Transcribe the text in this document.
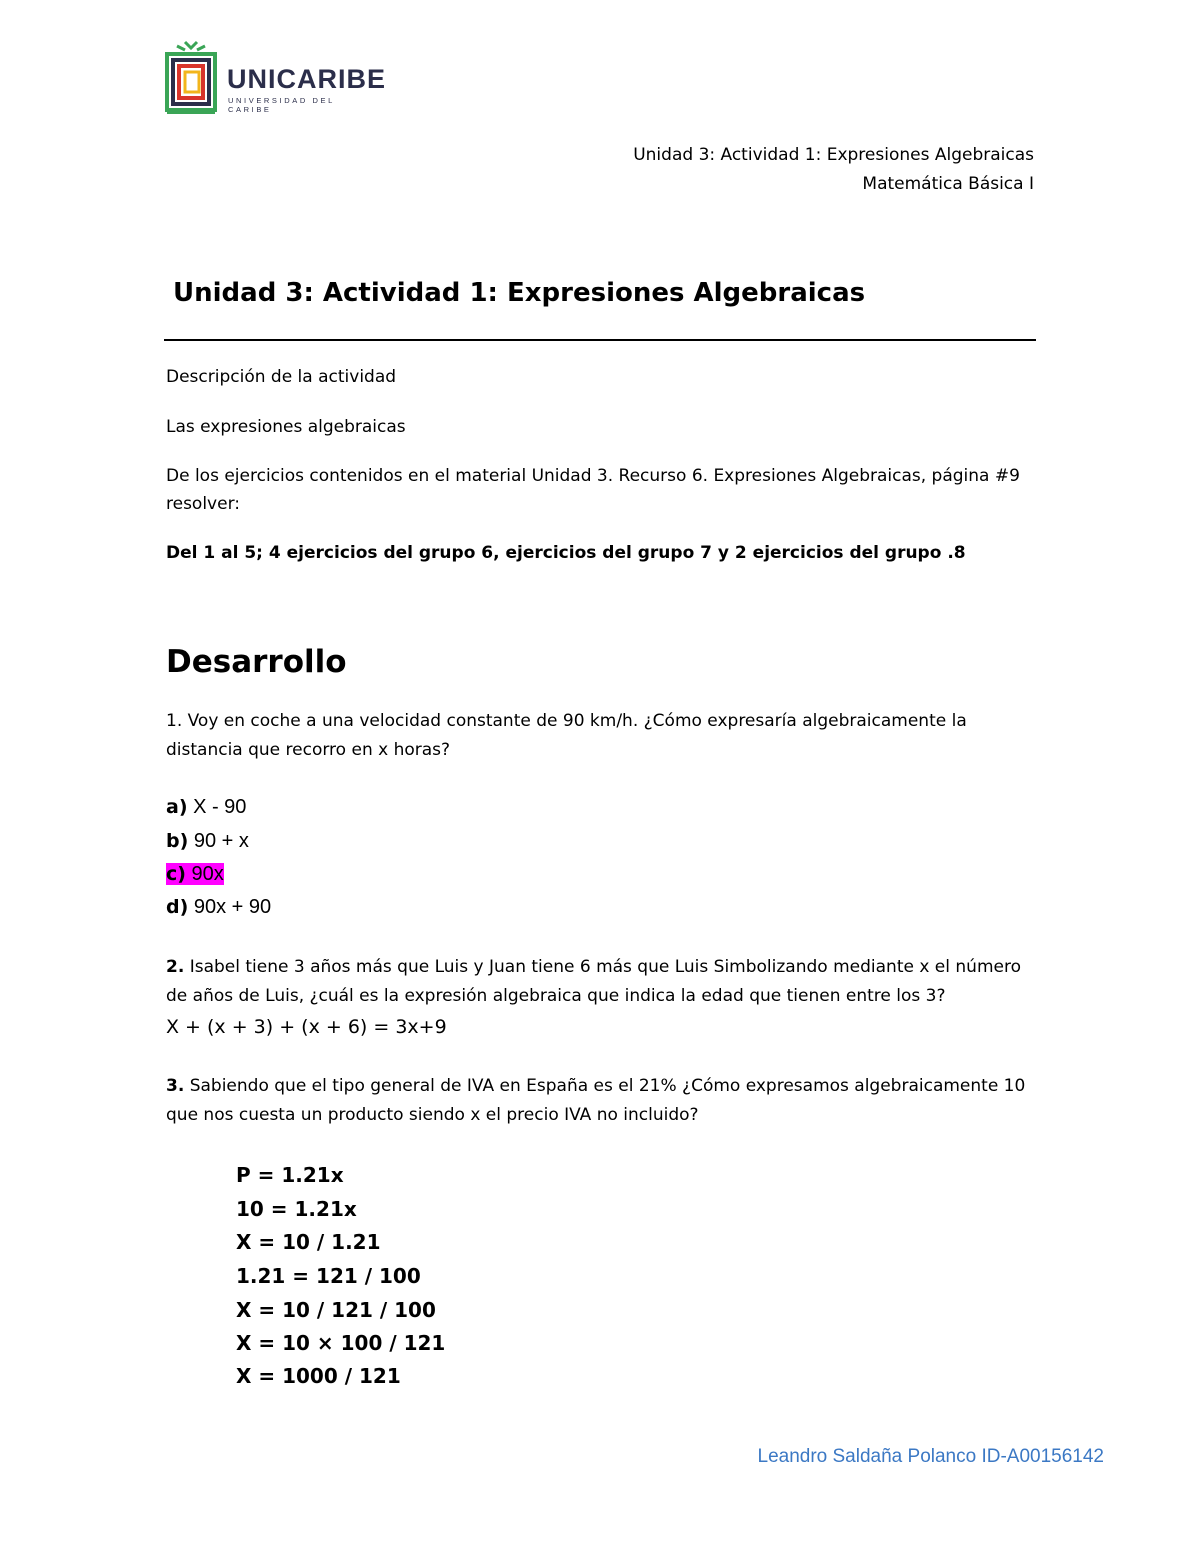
UNICARIBE
UNIVERSIDAD DEL CARIBE
Unidad 3: Actividad 1: Expresiones Algebraicas
Matemática Básica I
Unidad 3: Actividad 1: Expresiones Algebraicas
Descripción de la actividad
Las expresiones algebraicas
De los ejercicios contenidos en el material Unidad 3. Recurso 6. Expresiones Algebraicas, página #9
resolver:
Del 1 al 5; 4 ejercicios del grupo 6, ejercicios del grupo 7 y 2 ejercicios del grupo .8
Desarrollo
1. Voy en coche a una velocidad constante de 90 km/h. ¿Cómo expresaría algebraicamente la
distancia que recorro en x horas?
a) X - 90
b) 90 + x
c) 90x
d) 90x + 90
2. Isabel tiene 3 años más que Luis y Juan tiene 6 más que Luis Simbolizando mediante x el número
de años de Luis, ¿cuál es la expresión algebraica que indica la edad que tienen entre los 3?
X + (x + 3) + (x + 6) = 3x+9
3. Sabiendo que el tipo general de IVA en España es el 21% ¿Cómo expresamos algebraicamente 10
que nos cuesta un producto siendo x el precio IVA no incluido?
P = 1.21x
10 = 1.21x
X = 10 / 1.21
1.21 = 121 / 100
X = 10 / 121 / 100
X = 10 × 100 / 121
X = 1000 / 121
Leandro Saldaña Polanco ID-A00156142
